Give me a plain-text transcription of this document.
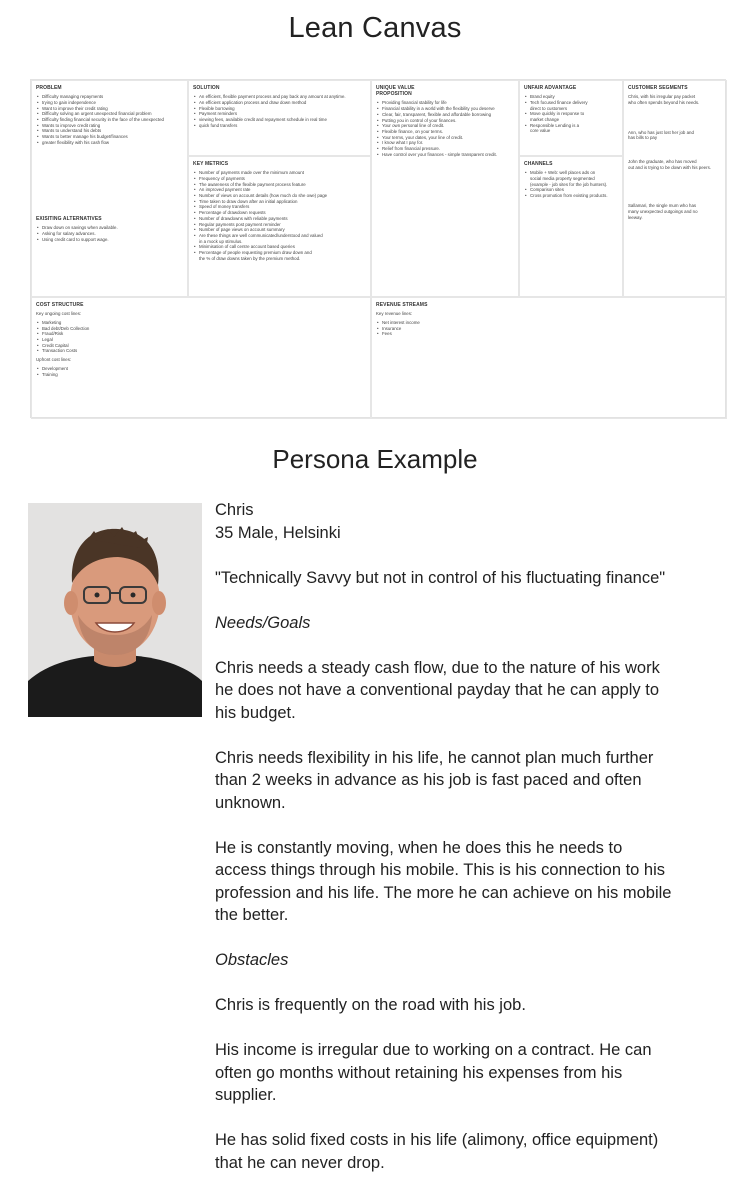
Lean Canvas
PROBLEM
• Difficulty managing repayments
• trying to gain independence
• Want to improve their credit rating
• Difficulty solving an urgent unexpected financial problem
• Difficulty finding financial security in the face of the unexpected
• Wants to improve credit rating
• Wants to understand his debts
• Wants to better manage his budget/finances
• greater flexibility with his cash flow
EXISITING ALTERNATIVES
• Draw down on savings when available.
• Asking for salary advances.
• Using credit card to support wage.
SOLUTION
• An efficient, flexible payment process and pay back any amount at anytime.
• An efficient application process and draw down method
• Flexible borrowing
• Payment reminders
• viewing fees, available credit and repayment schedule in real time
• quick fund transfers
KEY METRICS
• Number of payments made over the minimum amount
• Frequency of payments
• The awareness of the flexible payment process feature
• An improved payment rate
• Number of views on account details (how much do she owe) page
• Time taken to draw down after an initial application
• Speed of money transfers
• Percentage of drawdown requests
• Number of drawdowns with reliable payments
• Regular payments post payment reminder
• Number of page views on account summary
• Are these things are well communicated/understood and valued
in a mock up stimulus.
• Minimisation of call centre account based queries
• Percentage of people requesting premium draw down and
the % of draw downs taken by the premium method.
UNIQUE VALUE
PROPOSITION
• Providing financial stability for life
• Financial stability in a world with the flexibility you deserve
• Clear, fair, transparent, flexible and affordable borrowing
• Putting you in control of your finances.
• Your own personal line of credit.
• Flexible finance, on your terms.
• Your terms, your dates, your line of credit.
• I know what I pay for.
• Relief from financial pressure.
• Have control over your finances - simple transparent credit.
UNFAIR ADVANTAGE
• Brand equity
• Tech focused finance delivery
direct to customers
• Move quickly in response to
market change
• Responsible Lending is a
core value
CHANNELS
• Mobile + Web: well places ads on
social media property segmented
(example - job sites for the job hunters).
• Comparison sites
• Cross promotion from existing products.
CUSTOMER SEGMENTS

Chris, with his irregular pay packet
who often spends beyond his needs.

Ann, who has just lost her job and
has bills to pay

John the graduate, who has moved
out and is trying to be down with his peers.

Sallamari, the single mum who has
many unexpected outgoings and no
leeway.

COST STRUCTURE

Key ongoing cost lines:

• Marketing
• Bad debt/Deb Collection
• Fraud/Risk
• Legal
• Credit Capital
• Transaction Costs

Upfront cost lines:

• Development
• Training
REVENUE STREAMS

Key revenue lines:

• Net interest income
• Insurance
• Fees
Persona Example
Chris
35 Male, Helsinki
"Technically Savvy but not in control of his fluctuating finance"
Needs/Goals
Chris needs a steady cash flow, due to the nature of his work
he does not have a conventional payday that he can apply to
his budget.
Chris needs flexibility in his life, he cannot plan much further
than 2 weeks in advance as his job is fast paced and often
unknown.
He is constantly moving, when he does this he needs to
access things through his mobile. This is his connection to his
profession and his life. The more he can achieve on his mobile
the better.
Obstacles
Chris is frequently on the road with his job.
His income is irregular due to working on a contract. He can
often go months without retaining his expenses from his
supplier.
He has solid fixed costs in his life (alimony, office equipment)
that he can never drop.
